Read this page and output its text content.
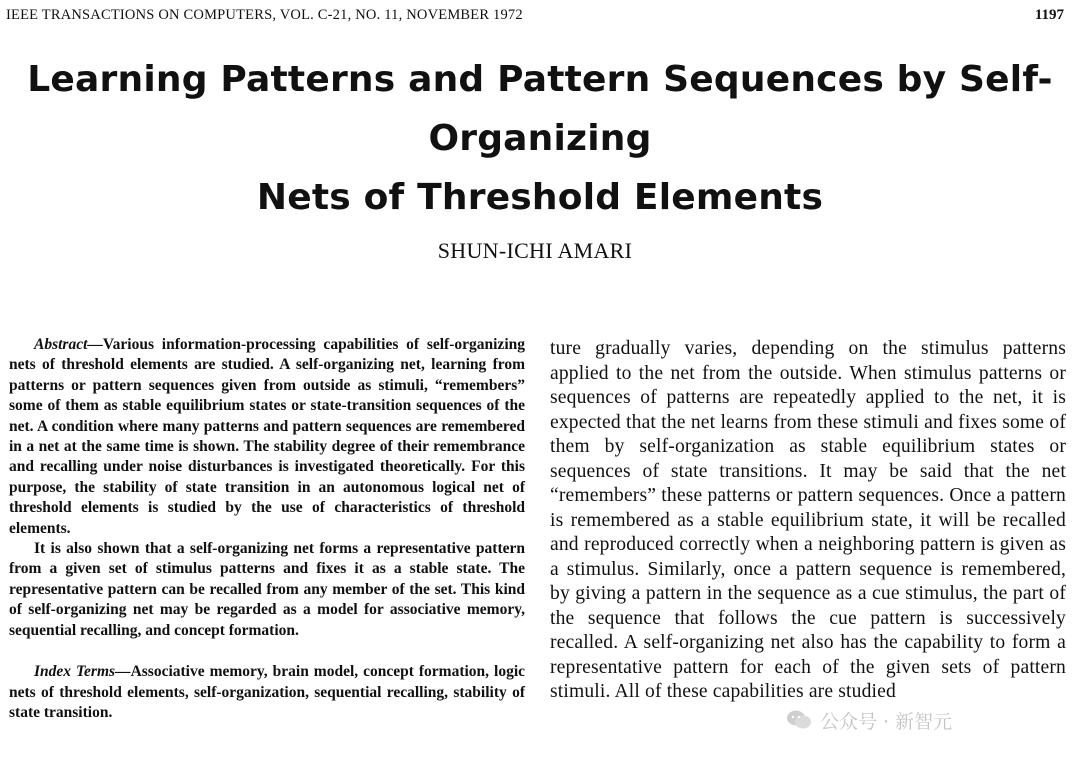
IEEE TRANSACTIONS ON COMPUTERS, VOL. C-21, NO. 11, NOVEMBER 1972	1197
Learning Patterns and Pattern Sequences by Self-Organizing
Nets of Threshold Elements
SHUN-ICHI AMARI

Abstract—Various information-processing capabilities of self-organizing nets of threshold elements are studied. A self-organizing net, learning from patterns or pattern sequences given from outside as stimuli, “remembers” some of them as stable equilibrium states or state-transition sequences of the net. A condition where many patterns and pattern sequences are remembered in a net at the same time is shown. The stability degree of their remembrance and recalling under noise disturbances is investigated theoretically. For this purpose, the stability of state transition in an autonomous logical net of threshold elements is studied by the use of characteristics of threshold elements.

It is also shown that a self-organizing net forms a representative pattern from a given set of stimulus patterns and fixes it as a stable state. The representative pattern can be recalled from any member of the set. This kind of self-organizing net may be regarded as a model for associative memory, sequential recalling, and concept formation.

Index Terms—Associative memory, brain model, concept formation, logic nets of threshold elements, self-organization, sequential recalling, stability of state transition.

ture gradually varies, depending on the stimulus patterns applied to the net from the outside. When stimulus patterns or sequences of patterns are repeatedly applied to the net, it is expected that the net learns from these stimuli and fixes some of them by self-organization as stable equilibrium states or sequences of state transitions. It may be said that the net “remembers” these patterns or pattern sequences. Once a pattern is remembered as a stable equilibrium state, it will be recalled and reproduced correctly when a neighboring pattern is given as a stimulus. Similarly, once a pattern sequence is remembered, by giving a pattern in the sequence as a cue stimulus, the part of the sequence that follows the cue pattern is successively recalled. A self-organizing net also has the capability to form a representative pattern for each of the given sets of pattern stimuli. All of these capabilities are studied

公众号 · 新智元
